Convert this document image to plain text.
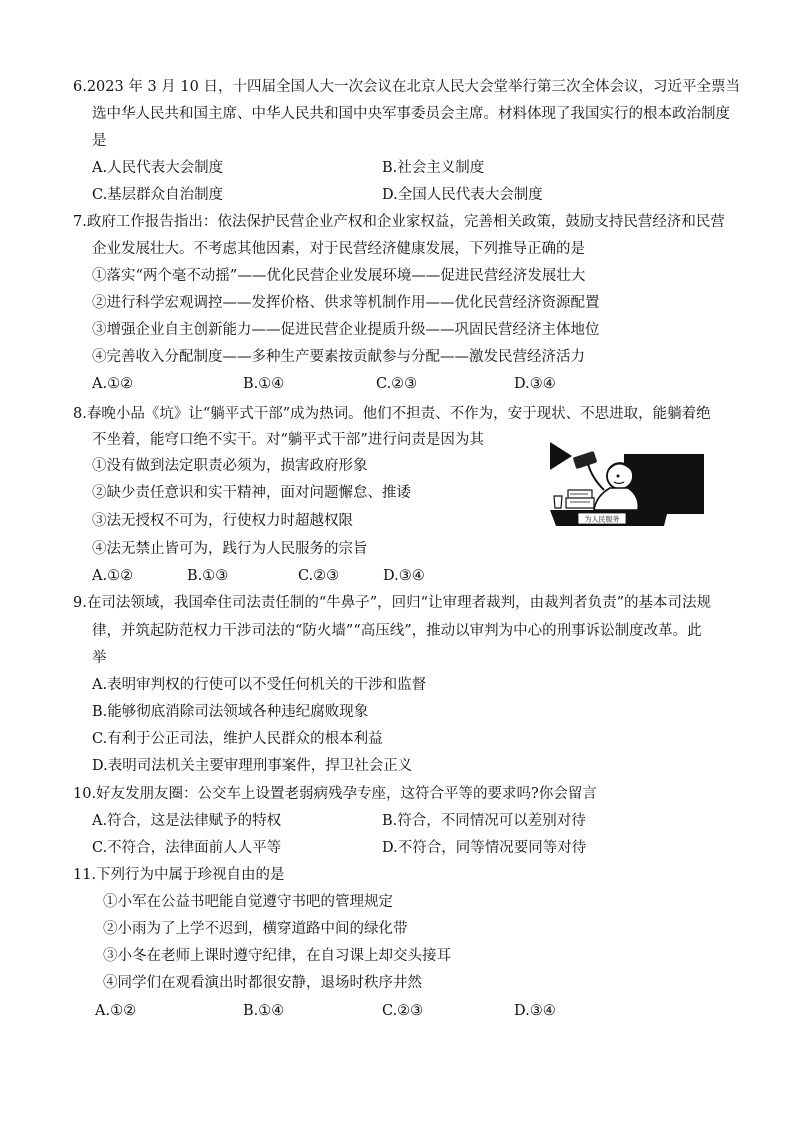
6.2023 年 3 月 10 日，十四届全国人大一次会议在北京人民大会堂举行第三次全体会议，习近平全票当
选中华人民共和国主席、中华人民共和国中央军事委员会主席。材料体现了我国实行的根本政治制度
是
A.人民代表大会制度	B.社会主义制度
C.基层群众自治制度	D.全国人民代表大会制度
7.政府工作报告指出：依法保护民营企业产权和企业家权益，完善相关政策，鼓励支持民营经济和民营
企业发展壮大。不考虑其他因素，对于民营经济健康发展，下列推导正确的是
①落实“两个毫不动摇”——优化民营企业发展环境——促进民营经济发展壮大
②进行科学宏观调控——发挥价格、供求等机制作用——优化民营经济资源配置
③增强企业自主创新能力——促进民营企业提质升级——巩固民营经济主体地位
④完善收入分配制度——多种生产要素按贡献参与分配——激发民营经济活力
A.①②	B.①④	C.②③	D.③④
8.春晚小品《坑》让“躺平式干部”成为热词。他们不担责、不作为，安于现状、不思进取，能躺着绝
不坐着，能穹口绝不实干。对“躺平式干部”进行问责是因为其
①没有做到法定职责必须为，损害政府形象
②缺少责任意识和实干精神，面对问题懈怠、推诿
③法无授权不可为，行使权力时超越权限
④法无禁止皆可为，践行为人民服务的宗旨
A.①②	B.①③	C.②③	D.③④
为人民服务
9.在司法领域，我国牵住司法责任制的“牛鼻子”，回归“让审理者裁判，由裁判者负责”的基本司法规
律，并筑起防范权力干涉司法的“防火墙”“高压线”，推动以审判为中心的刑事诉讼制度改革。此
举
A.表明审判权的行使可以不受任何机关的干涉和监督
B.能够彻底消除司法领域各种违纪腐败现象
C.有利于公正司法，维护人民群众的根本利益
D.表明司法机关主要审理刑事案件，捍卫社会正义
10.好友发朋友圈：公交车上设置老弱病残孕专座，这符合平等的要求吗?你会留言
A.符合，这是法律赋予的特权	B.符合，不同情况可以差别对待
C.不符合，法律面前人人平等	D.不符合，同等情况要同等对待
11.下列行为中属于珍视自由的是
①小军在公益书吧能自觉遵守书吧的管理规定
②小雨为了上学不迟到，横穿道路中间的绿化带
③小冬在老师上课时遵守纪律，在自习课上却交头接耳
④同学们在观看演出时都很安静，退场时秩序井然
A.①②	B.①④	C.②③	D.③④
